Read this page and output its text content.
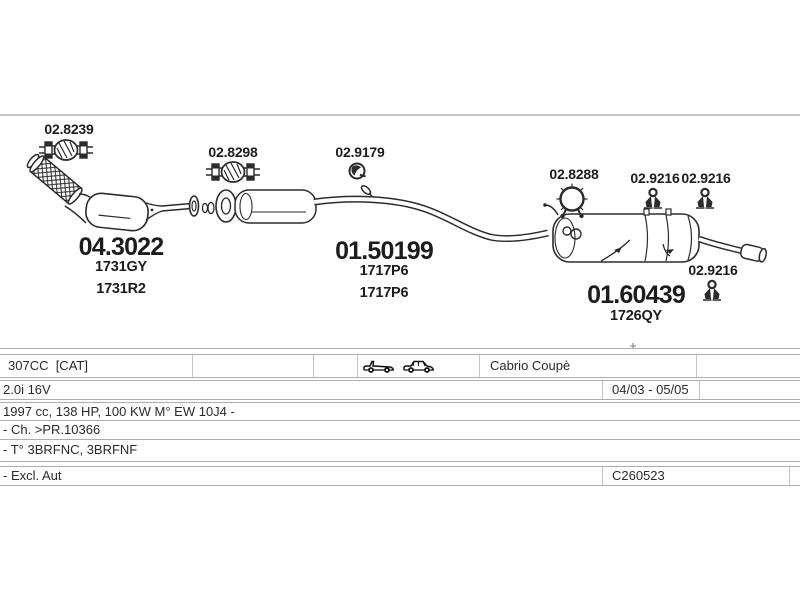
02.8239
02.8298	02.9179
02.8288 02.9216 02.9216
02.9216
04.3022
1731GY
1731R2
01.50199
1717P6
1717P6	01.60439
1726QY
307CC  [CAT]	Cabrio Coupè
2.0i 16V	04/03 - 05/05
1997 cc, 138 HP, 100 KW M° EW 10J4 -
- Ch. >PR.10366
- T° 3BRFNC, 3BRFNF
- Excl. Aut	C260523
